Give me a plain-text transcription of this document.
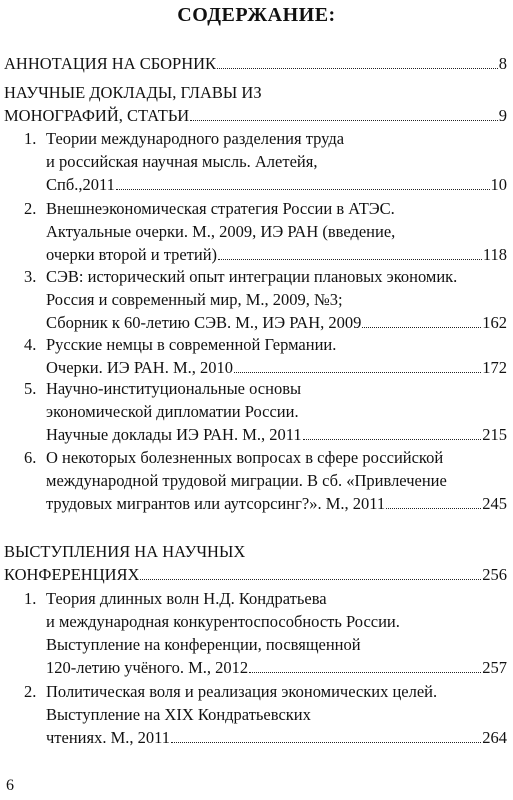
СОДЕРЖАНИЕ:
АННОТАЦИЯ НА СБОРНИК	8
НАУЧНЫЕ ДОКЛАДЫ, ГЛАВЫ ИЗ
МОНОГРАФИЙ, СТАТЬИ	9
1. Теории международного разделения труда
и российская научная мысль. Алетейя,
Спб.,2011	10
2. Внешнеэкономическая стратегия России в АТЭС.
Актуальные очерки. М., 2009, ИЭ РАН (введение,
очерки второй и третий)	118
3. СЭВ: исторический опыт интеграции плановых экономик.
Россия и современный мир, М., 2009, №3;
Сборник к 60-летию СЭВ. М., ИЭ РАН, 2009	162
4. Русские немцы в современной Германии.
Очерки. ИЭ РАН. М., 2010	172
5. Научно-институциональные основы
экономической дипломатии России.
Научные доклады ИЭ РАН. М., 2011	215
6. О некоторых болезненных вопросах в сфере российской
международной трудовой миграции. В сб. «Привлечение
трудовых мигрантов или аутсорсинг?». М., 2011	245
ВЫСТУПЛЕНИЯ НА НАУЧНЫХ
КОНФЕРЕНЦИЯХ	256
1. Теория длинных волн Н.Д. Кондратьева
и международная конкурентоспособность России.
Выступление на конференции, посвященной
120-летию учёного. М., 2012	257
2. Политическая воля и реализация экономических целей.
Выступление на XIX Кондратьевских
чтениях. М., 2011	264
6
